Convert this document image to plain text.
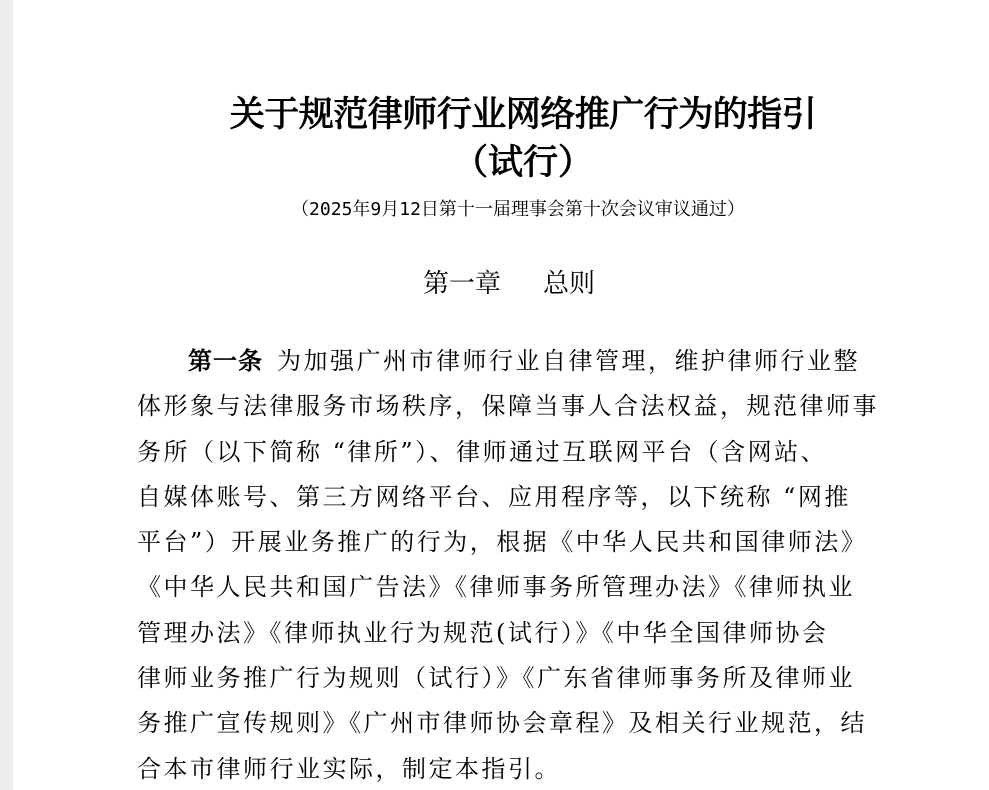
关于规范律师行业网络推广行为的指引
（试行）
（2025年9月12日第十一届理事会第十次会议审议通过）
第一章 总则
第一条 为加强广州市律师行业自律管理，维护律师行业整
体形象与法律服务市场秩序，保障当事人合法权益，规范律师事
务所（以下简称 “律所”）、律师通过互联网平台（含网站、
自媒体账号、第三方网络平台、应用程序等，以下统称 “网推
平台”）开展业务推广的行为，根据《中华人民共和国律师法》
《中华人民共和国广告法》《律师事务所管理办法》《律师执业
管理办法》《律师执业行为规范(试行）》《中华全国律师协会
律师业务推广行为规则（试行）》《广东省律师事务所及律师业
务推广宣传规则》《广州市律师协会章程》及相关行业规范，结
合本市律师行业实际，制定本指引。
